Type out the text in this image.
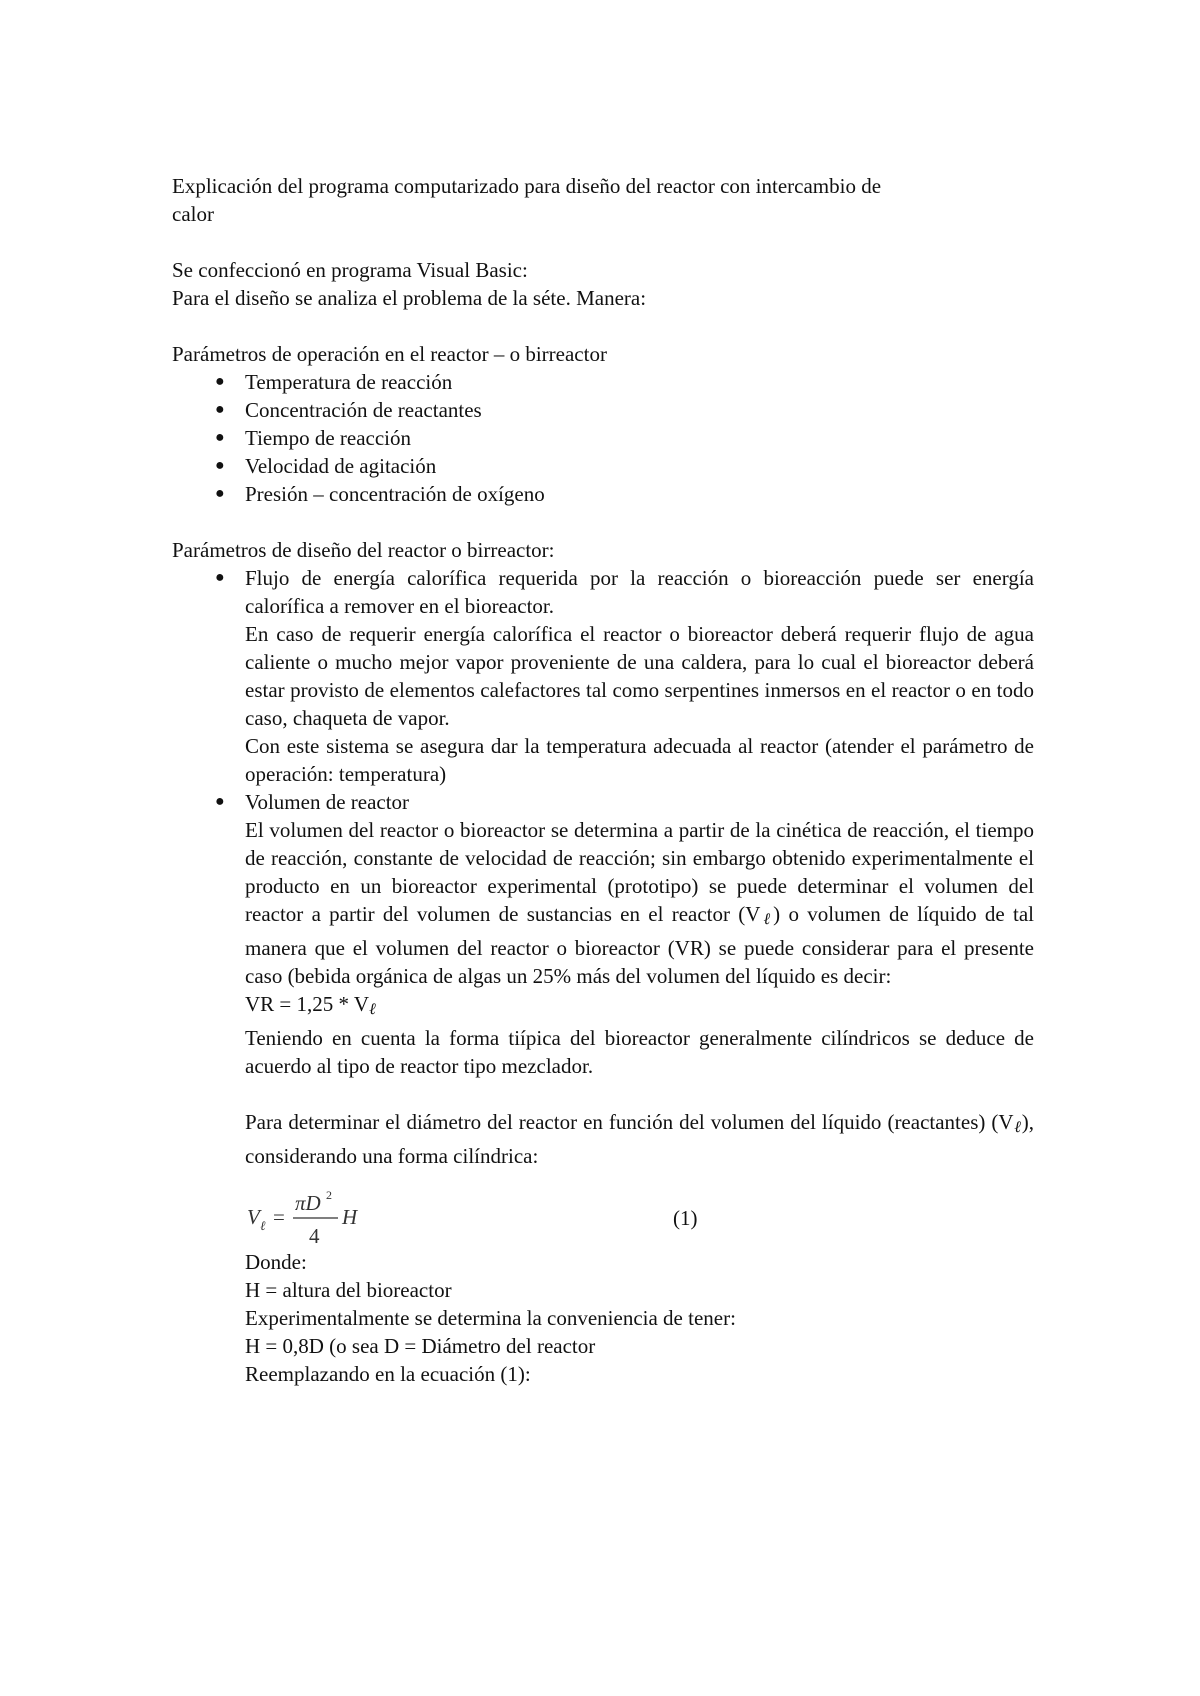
Explicación del programa computarizado para diseño del reactor con intercambio de
calor

Se confeccionó en programa Visual Basic:
Para el diseño se analiza el problema de la séte. Manera:

Parámetros de operación en el reactor – o birreactor

● Temperatura de reacción
● Concentración de reactantes
● Tiempo de reacción
● Velocidad de agitación
● Presión – concentración de oxígeno

Parámetros de diseño del reactor o birreactor:

● Flujo de energía calorífica requerida por la reacción o bioreacción puede ser energía calorífica a remover en el bioreactor.

En caso de requerir energía calorífica el reactor o bioreactor deberá requerir flujo de agua caliente o mucho mejor vapor proveniente de una caldera, para lo cual el bioreactor deberá estar provisto de elementos calefactores tal como serpentines inmersos en el reactor o en todo caso, chaqueta de vapor.

Con este sistema se asegura dar la temperatura adecuada al reactor (atender el parámetro de operación: temperatura)

● Volumen de reactor

El volumen del reactor o bioreactor se determina a partir de la cinética de reacción, el tiempo de reacción, constante de velocidad de reacción; sin embargo obtenido experimentalmente el producto en un bioreactor experimental (prototipo) se puede determinar el volumen del reactor a partir del volumen de sustancias en el reactor (Vℓ) o volumen de líquido de tal manera que el volumen del reactor o bioreactor (VR) se puede considerar para el presente caso (bebida orgánica de algas un 25% más del volumen del líquido es decir:

VR = 1,25 * Vℓ

Teniendo en cuenta la forma tiípica del bioreactor generalmente cilíndricos se deduce de acuerdo al tipo de reactor tipo mezclador.

Para determinar el diámetro del reactor en función del volumen del líquido (reactantes) (Vℓ), considerando una forma cilíndrica:

V ℓ =
πD 2
4
H	(1)

Donde:

H = altura del bioreactor

Experimentalmente se determina la conveniencia de tener:

H = 0,8D (o sea D = Diámetro del reactor

Reemplazando en la ecuación (1):
